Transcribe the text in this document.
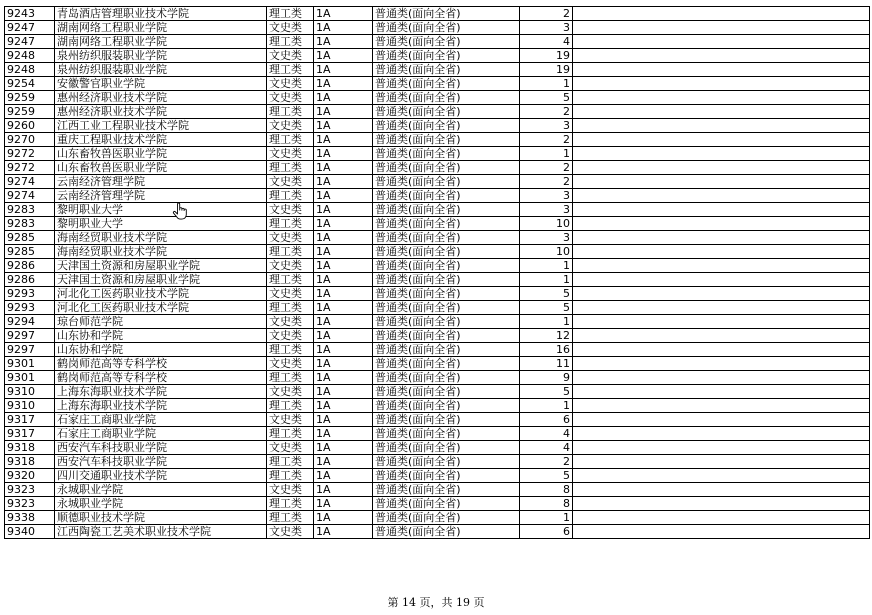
9243	青岛酒店管理职业技术学院	理工类	1A	普通类(面向全省)	2	
9247	湖南网络工程职业学院	文史类	1A	普通类(面向全省)	3	
9247	湖南网络工程职业学院	理工类	1A	普通类(面向全省)	4	
9248	泉州纺织服装职业学院	文史类	1A	普通类(面向全省)	19	
9248	泉州纺织服装职业学院	理工类	1A	普通类(面向全省)	19	
9254	安徽警官职业学院	文史类	1A	普通类(面向全省)	1	
9259	惠州经济职业技术学院	文史类	1A	普通类(面向全省)	5	
9259	惠州经济职业技术学院	理工类	1A	普通类(面向全省)	2	
9260	江西工业工程职业技术学院	文史类	1A	普通类(面向全省)	3	
9270	重庆工程职业技术学院	理工类	1A	普通类(面向全省)	2	
9272	山东畜牧兽医职业学院	文史类	1A	普通类(面向全省)	1	
9272	山东畜牧兽医职业学院	理工类	1A	普通类(面向全省)	2	
9274	云南经济管理学院	文史类	1A	普通类(面向全省)	2	
9274	云南经济管理学院	理工类	1A	普通类(面向全省)	3	
9283	黎明职业大学	文史类	1A	普通类(面向全省)	3	
9283	黎明职业大学	理工类	1A	普通类(面向全省)	10	
9285	海南经贸职业技术学院	文史类	1A	普通类(面向全省)	3	
9285	海南经贸职业技术学院	理工类	1A	普通类(面向全省)	10	
9286	天津国土资源和房屋职业学院	文史类	1A	普通类(面向全省)	1	
9286	天津国土资源和房屋职业学院	理工类	1A	普通类(面向全省)	1	
9293	河北化工医药职业技术学院	文史类	1A	普通类(面向全省)	5	
9293	河北化工医药职业技术学院	理工类	1A	普通类(面向全省)	5	
9294	琼台师范学院	文史类	1A	普通类(面向全省)	1	
9297	山东协和学院	文史类	1A	普通类(面向全省)	12	
9297	山东协和学院	理工类	1A	普通类(面向全省)	16	
9301	鹤岗师范高等专科学校	文史类	1A	普通类(面向全省)	11	
9301	鹤岗师范高等专科学校	理工类	1A	普通类(面向全省)	9	
9310	上海东海职业技术学院	文史类	1A	普通类(面向全省)	5	
9310	上海东海职业技术学院	理工类	1A	普通类(面向全省)	1	
9317	石家庄工商职业学院	文史类	1A	普通类(面向全省)	6	
9317	石家庄工商职业学院	理工类	1A	普通类(面向全省)	4	
9318	西安汽车科技职业学院	文史类	1A	普通类(面向全省)	4	
9318	西安汽车科技职业学院	理工类	1A	普通类(面向全省)	2	
9320	四川交通职业技术学院	理工类	1A	普通类(面向全省)	5	
9323	永城职业学院	文史类	1A	普通类(面向全省)	8	
9323	永城职业学院	理工类	1A	普通类(面向全省)	8	
9338	顺德职业技术学院	理工类	1A	普通类(面向全省)	1	
9340	江西陶瓷工艺美术职业技术学院	文史类	1A	普通类(面向全省)	6	
第 14 页，共 19 页
